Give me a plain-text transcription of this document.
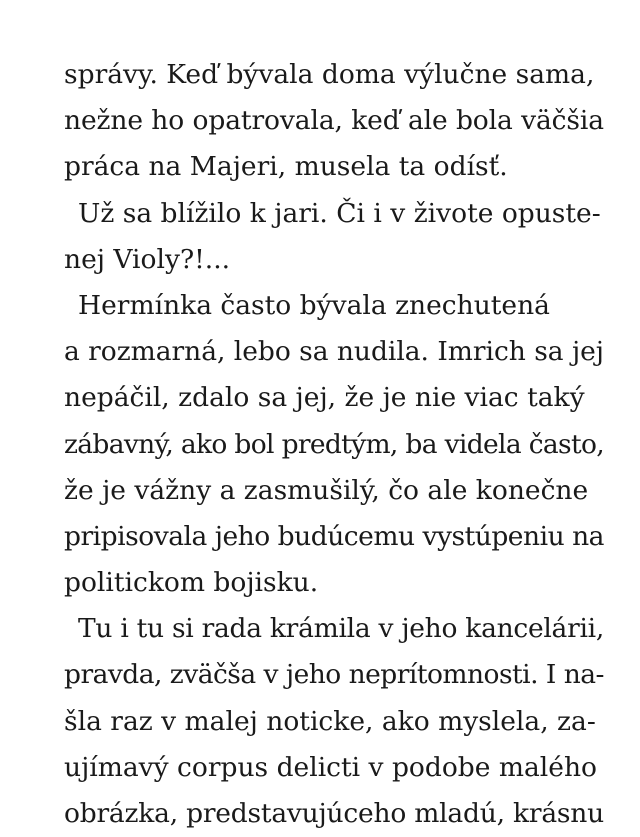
správy. Keď bývala doma výlučne sama,
nežne ho opatrovala, keď ale bola väčšia
práca na Majeri, musela ta odísť.
Už sa blížilo k jari. Či i v živote opuste-
nej Violy?!...
Hermínka často bývala znechutená
a rozmarná, lebo sa nudila. Imrich sa jej
nepáčil, zdalo sa jej, že je nie viac taký
zábavný, ako bol predtým, ba videla často,
že je vážny a zasmušilý, čo ale konečne
pripisovala jeho budúcemu vystúpeniu na
politickom bojisku.
Tu i tu si rada krámila v jeho kancelárii,
pravda, zväčša v jeho neprítomnosti. I na-
šla raz v malej noticke, ako myslela, za-
ujímavý corpus delicti v podobe malého
obrázka, predstavujúceho mladú, krásnu
